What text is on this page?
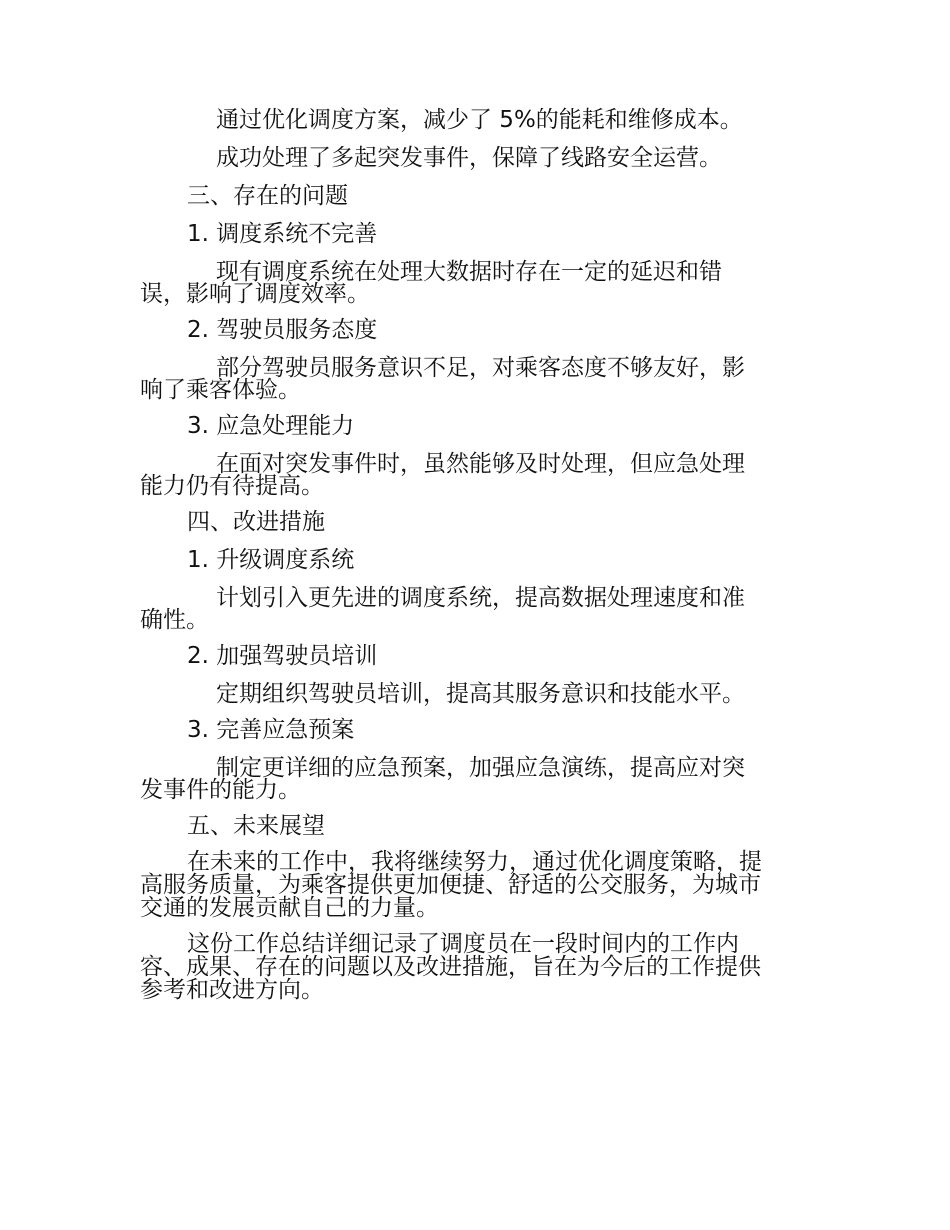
通过优化调度方案，减少了 5%的能耗和维修成本。
成功处理了多起突发事件，保障了线路安全运营。
三、存在的问题
1. 调度系统不完善
现有调度系统在处理大数据时存在一定的延迟和错
误，影响了调度效率。
2. 驾驶员服务态度
部分驾驶员服务意识不足，对乘客态度不够友好，影
响了乘客体验。
3. 应急处理能力
在面对突发事件时，虽然能够及时处理，但应急处理
能力仍有待提高。
四、改进措施
1. 升级调度系统
计划引入更先进的调度系统，提高数据处理速度和准
确性。
2. 加强驾驶员培训
定期组织驾驶员培训，提高其服务意识和技能水平。
3. 完善应急预案
制定更详细的应急预案，加强应急演练，提高应对突
发事件的能力。
五、未来展望
在未来的工作中，我将继续努力，通过优化调度策略，提
高服务质量，为乘客提供更加便捷、舒适的公交服务，为城市
交通的发展贡献自己的力量。
这份工作总结详细记录了调度员在一段时间内的工作内
容、成果、存在的问题以及改进措施，旨在为今后的工作提供
参考和改进方向。
